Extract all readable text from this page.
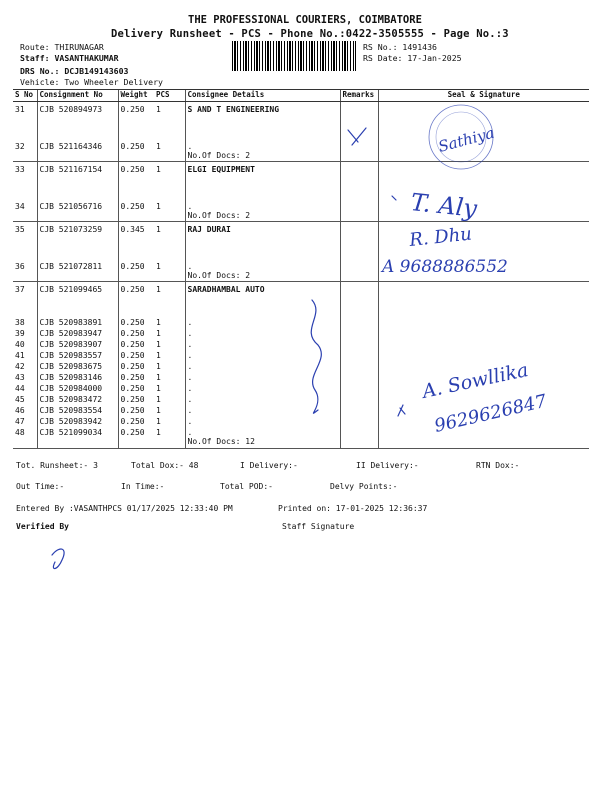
THE PROFESSIONAL COURIERS, COIMBATORE
Delivery Runsheet - PCS - Phone No.:0422-3505555 - Page No.:3
Route: THIRUNAGAR
Staff: VASANTHAKUMAR
DRS No.: DCJB149143603
Vehicle: Two Wheeler Delivery
RS No.: 1491436
RS Date: 17-Jan-2025
S No	Consignment No	Weight	PCS	Consignee Details	Remarks	Seal & Signature
31	CJB 520894973	0.250	1	S AND T ENGINEERING		
32	CJB 521164346	0.250	1	.
No.Of Docs: 2		

33	CJB 521167154	0.250	1	ELGI EQUIPMENT		
34	CJB 521056716	0.250	1	.
No.Of Docs: 2		

35	CJB 521073259	0.345	1	RAJ DURAI		
36	CJB 521072811	0.250	1	.
No.Of Docs: 2		

37	CJB 521099465	0.250	1	SARADHAMBAL AUTO		
38	CJB 520983891	0.250	1	.		
39	CJB 520983947	0.250	1	.		
40	CJB 520983907	0.250	1	.		
41	CJB 520983557	0.250	1	.		
42	CJB 520983675	0.250	1	.		
43	CJB 520983146	0.250	1	.		
44	CJB 520984000	0.250	1	.		
45	CJB 520983472	0.250	1	.		
46	CJB 520983554	0.250	1	.		
47	CJB 520983942	0.250	1	.		
48	CJB 521099034	0.250	1	.
No.Of Docs: 12		
Tot. Runsheet:- 3	Total Dox:- 48	I Delivery:-	II Delivery:-	RTN Dox:-
Out Time:-	In Time:-	Total POD:-	Delvy Points:-
Entered By :VASANTHPCS 01/17/2025 12:33:40 PM	Printed on: 17-01-2025 12:36:37
Verified By	Staff Signature
Sathiya
T. Aly
R. Dhu
A 9688886552
A. Sowllika
9629626847
